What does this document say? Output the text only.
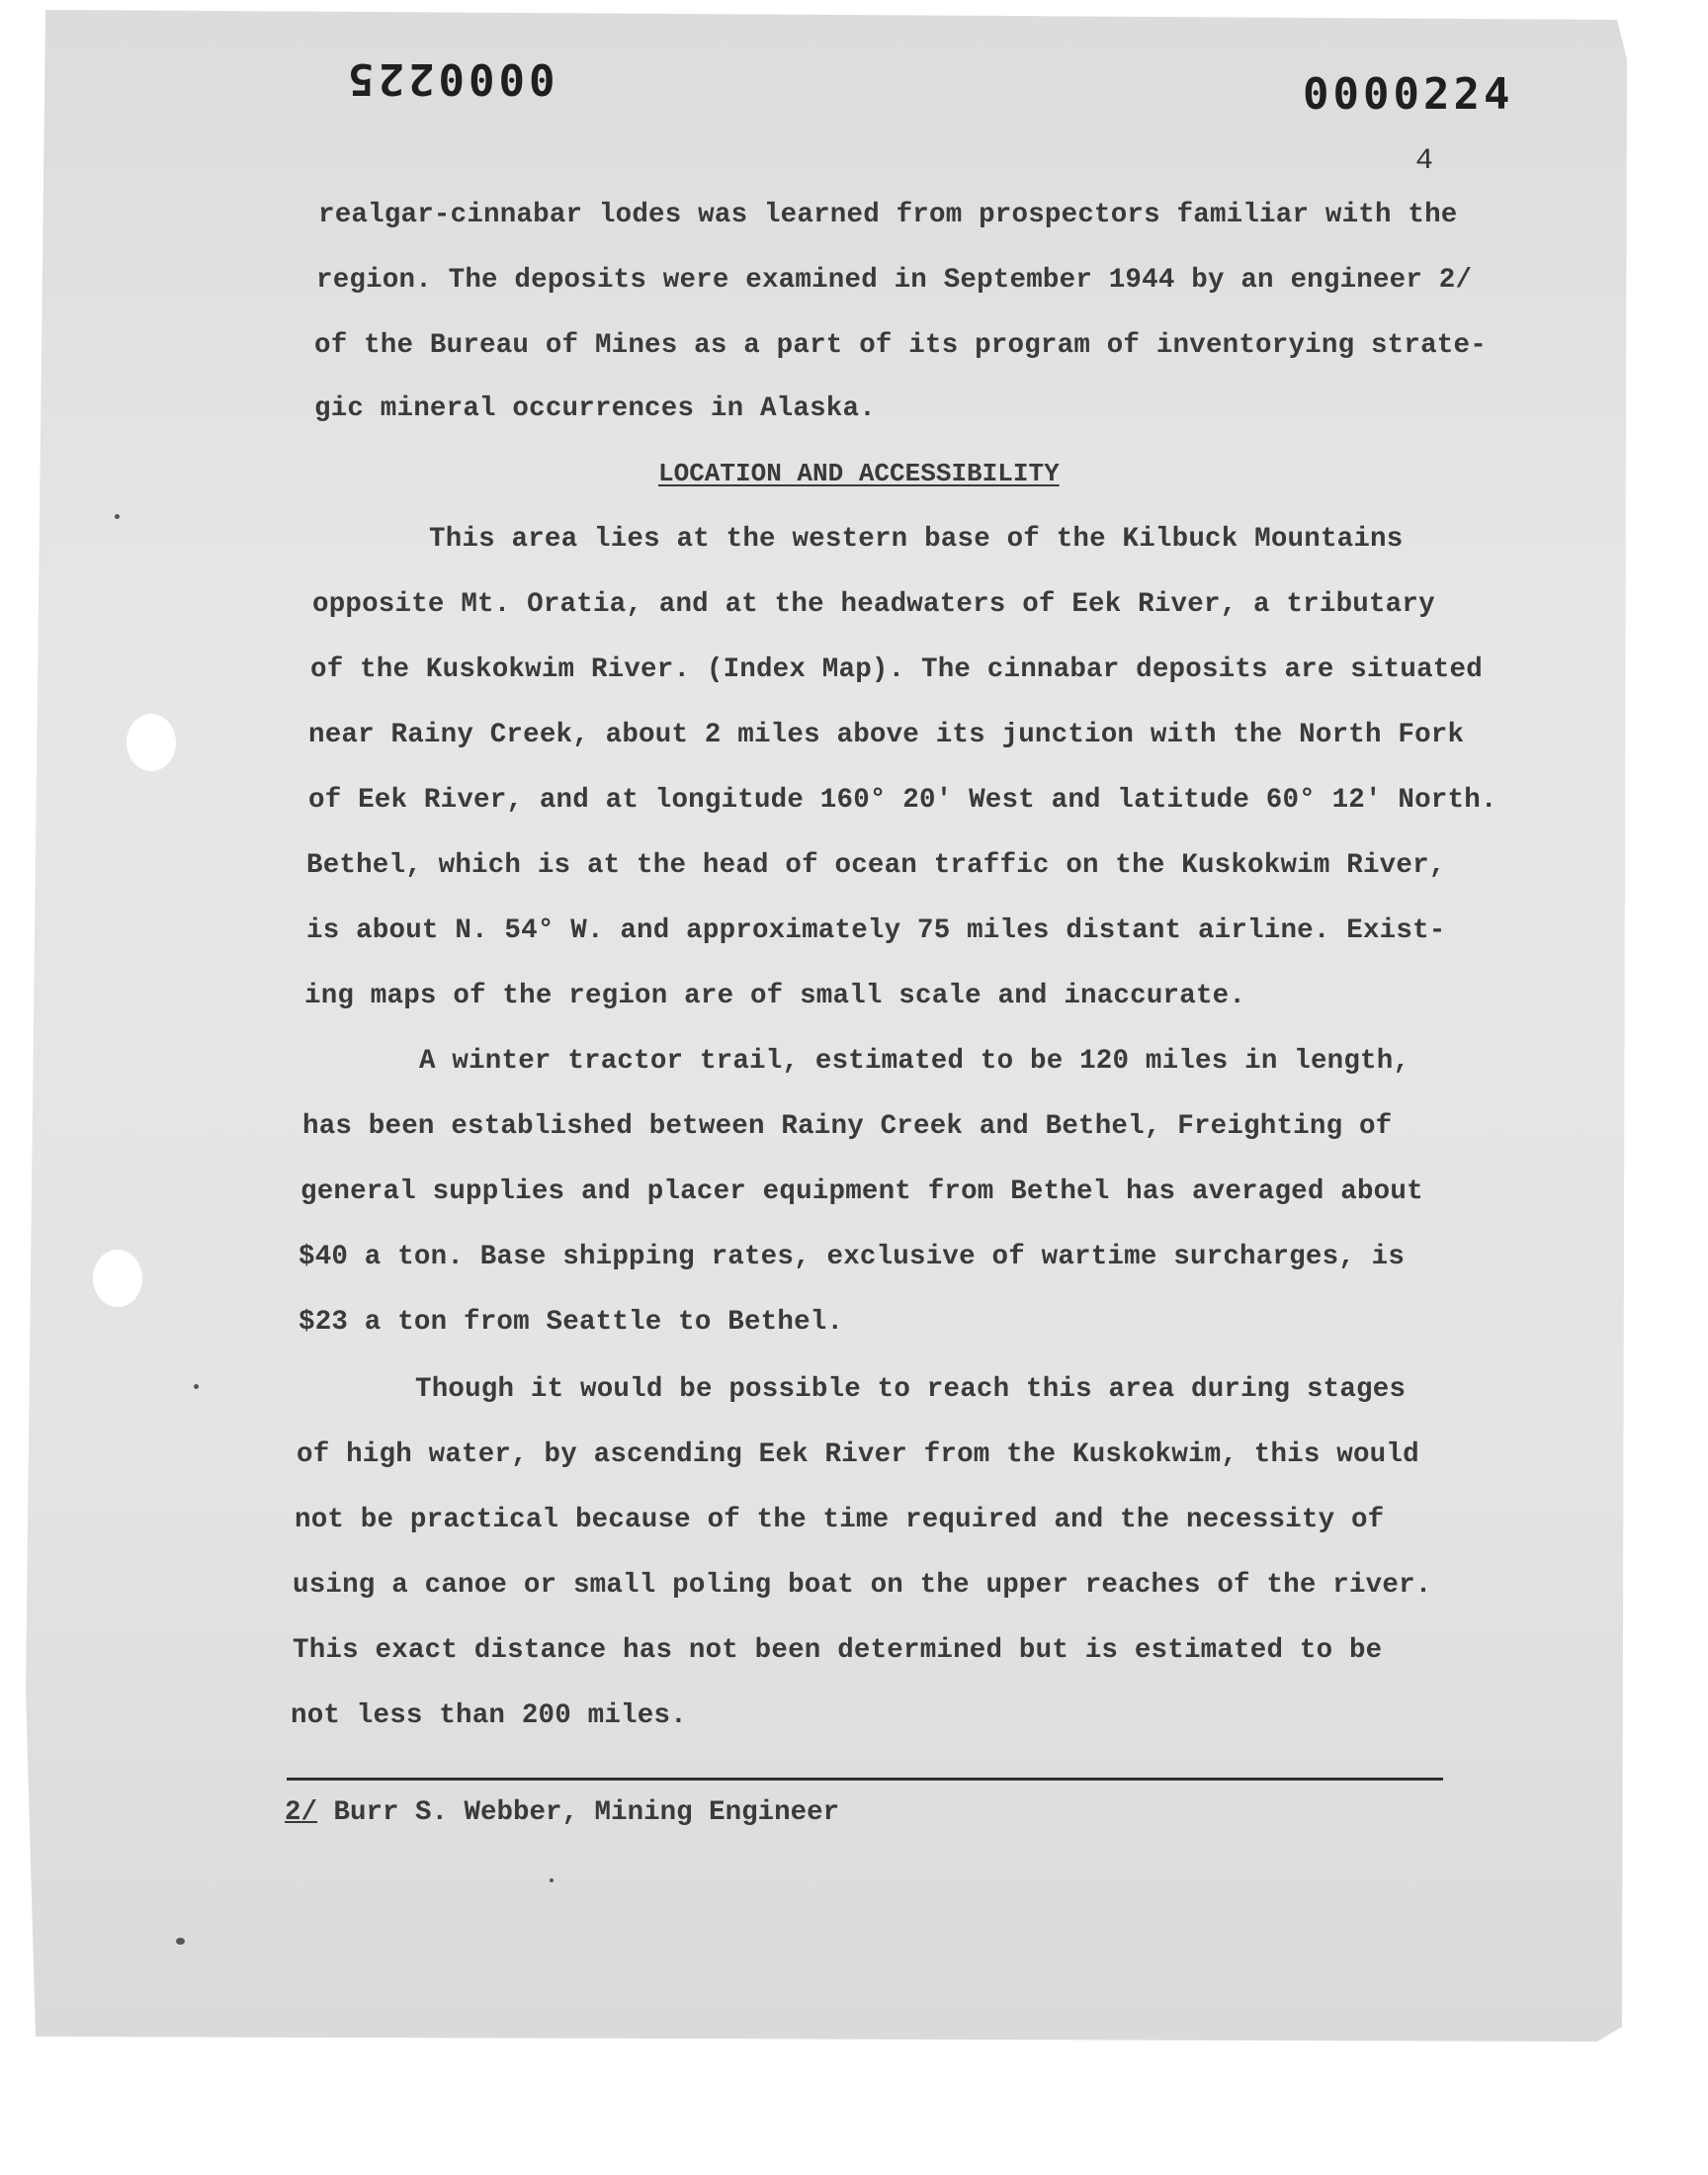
0000225	0000224
4
realgar-cinnabar lodes was learned from prospectors familiar with the
region. The deposits were examined in September 1944 by an engineer 2/
of the Bureau of Mines as a part of its program of inventorying strate-
gic mineral occurrences in Alaska.
LOCATION AND ACCESSIBILITY
This area lies at the western base of the Kilbuck Mountains
opposite Mt. Oratia, and at the headwaters of Eek River, a tributary
of the Kuskokwim River. (Index Map). The cinnabar deposits are situated
near Rainy Creek, about 2 miles above its junction with the North Fork
of Eek River, and at longitude 160° 20' West and latitude 60° 12' North.
Bethel, which is at the head of ocean traffic on the Kuskokwim River,
is about N. 54° W. and approximately 75 miles distant airline. Exist-
ing maps of the region are of small scale and inaccurate.
A winter tractor trail, estimated to be 120 miles in length,
has been established between Rainy Creek and Bethel, Freighting of
general supplies and placer equipment from Bethel has averaged about
$40 a ton. Base shipping rates, exclusive of wartime surcharges, is
$23 a ton from Seattle to Bethel.
Though it would be possible to reach this area during stages
of high water, by ascending Eek River from the Kuskokwim, this would
not be practical because of the time required and the necessity of
using a canoe or small poling boat on the upper reaches of the river.
This exact distance has not been determined but is estimated to be
not less than 200 miles.
2/ Burr S. Webber, Mining Engineer
